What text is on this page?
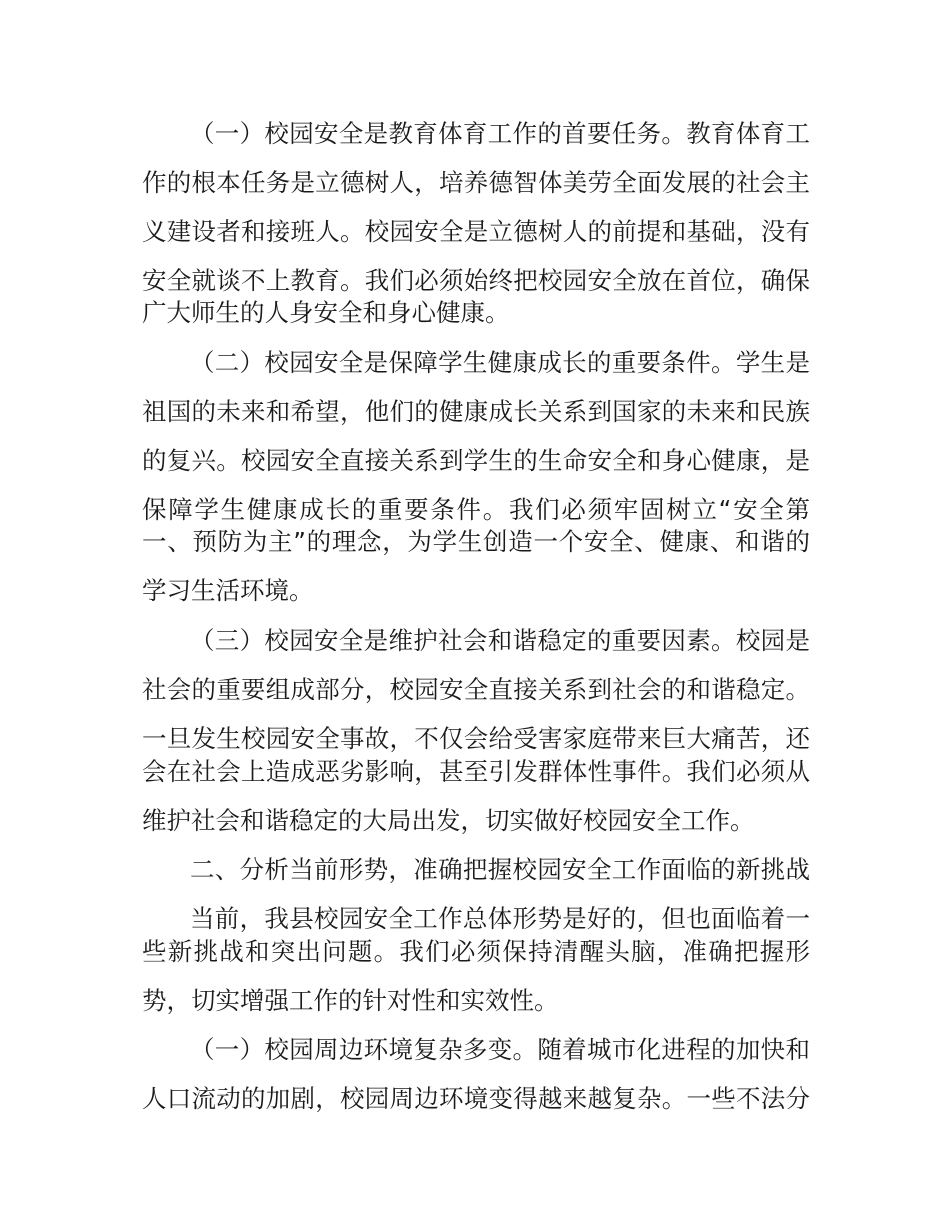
（一）校园安全是教育体育工作的首要任务。教育体育工
作的根本任务是立德树人，培养德智体美劳全面发展的社会主
义建设者和接班人。校园安全是立德树人的前提和基础，没有
安全就谈不上教育。我们必须始终把校园安全放在首位，确保
广大师生的人身安全和身心健康。
（二）校园安全是保障学生健康成长的重要条件。学生是
祖国的未来和希望，他们的健康成长关系到国家的未来和民族
的复兴。校园安全直接关系到学生的生命安全和身心健康，是
保障学生健康成长的重要条件。我们必须牢固树立“安全第
一、预防为主”的理念，为学生创造一个安全、健康、和谐的
学习生活环境。
（三）校园安全是维护社会和谐稳定的重要因素。校园是
社会的重要组成部分，校园安全直接关系到社会的和谐稳定。
一旦发生校园安全事故，不仅会给受害家庭带来巨大痛苦，还
会在社会上造成恶劣影响，甚至引发群体性事件。我们必须从
维护社会和谐稳定的大局出发，切实做好校园安全工作。
二、分析当前形势，准确把握校园安全工作面临的新挑战
当前，我县校园安全工作总体形势是好的，但也面临着一
些新挑战和突出问题。我们必须保持清醒头脑，准确把握形
势，切实增强工作的针对性和实效性。
（一）校园周边环境复杂多变。随着城市化进程的加快和
人口流动的加剧，校园周边环境变得越来越复杂。一些不法分
